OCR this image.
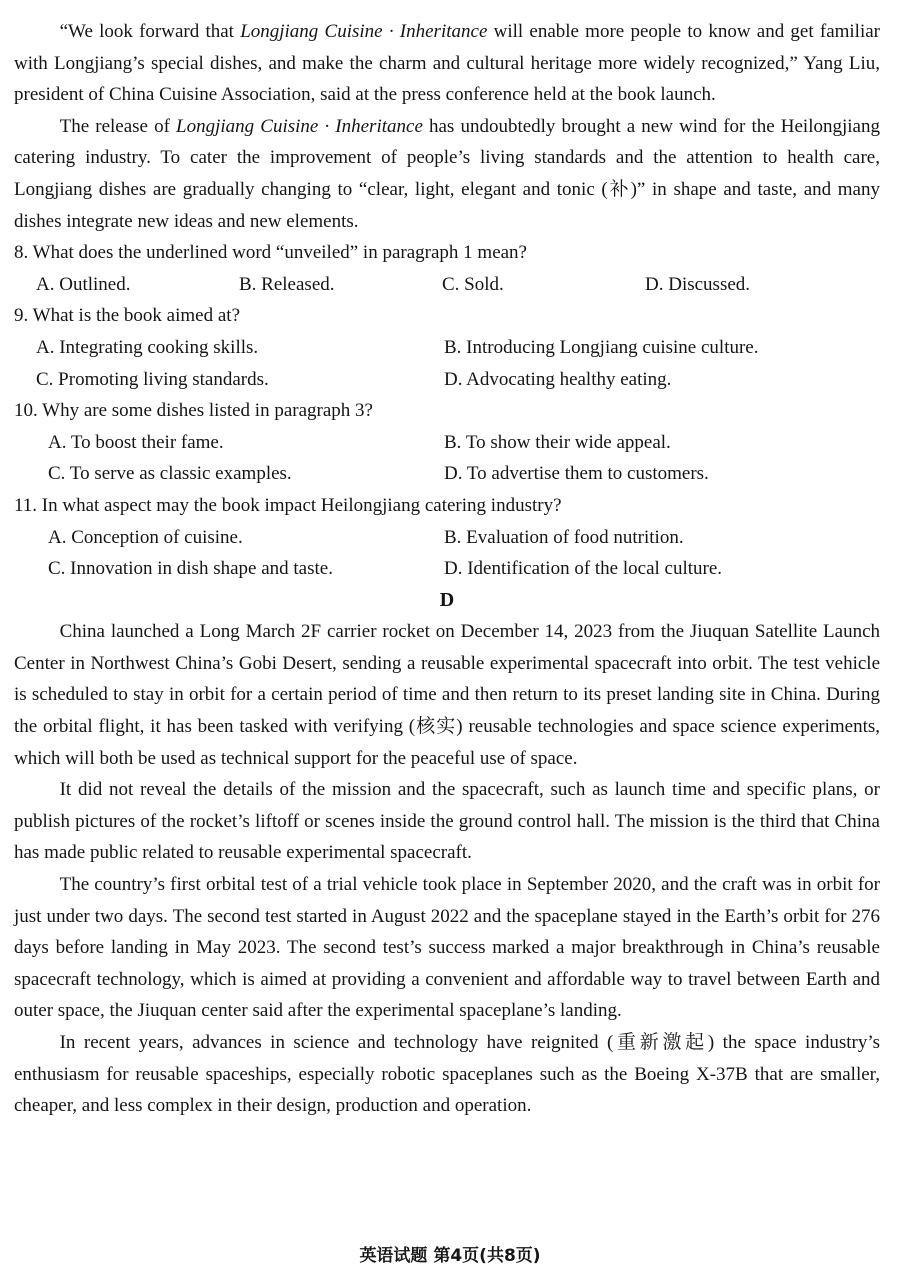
“We look forward that Longjiang Cuisine · Inheritance will enable more people to know and get familiar with Longjiang’s special dishes, and make the charm and cultural heritage more widely recognized,” Yang Liu, president of China Cuisine Association, said at the press conference held at the book launch.

The release of Longjiang Cuisine · Inheritance has undoubtedly brought a new wind for the Heilongjiang catering industry. To cater the improvement of people’s living standards and the attention to health care, Longjiang dishes are gradually changing to “clear, light, elegant and tonic (补)” in shape and taste, and many dishes integrate new ideas and new elements.

8. What does the underlined word “unveiled” in paragraph 1 mean?

A. Outlined.	B. Released.	C. Sold.	D. Discussed.

9. What is the book aimed at?

A. Integrating cooking skills.	B. Introducing Longjiang cuisine culture.
C. Promoting living standards.	D. Advocating healthy eating.

10. Why are some dishes listed in paragraph 3?

A. To boost their fame.	B. To show their wide appeal.
C. To serve as classic examples.	D. To advertise them to customers.

11. In what aspect may the book impact Heilongjiang catering industry?

A. Conception of cuisine.	B. Evaluation of food nutrition.
C. Innovation in dish shape and taste.	D. Identification of the local culture.

D

China launched a Long March 2F carrier rocket on December 14, 2023 from the Jiuquan Satellite Launch Center in Northwest China’s Gobi Desert, sending a reusable experimental spacecraft into orbit. The test vehicle is scheduled to stay in orbit for a certain period of time and then return to its preset landing site in China. During the orbital flight, it has been tasked with verifying (核实) reusable technologies and space science experiments, which will both be used as technical support for the peaceful use of space.

It did not reveal the details of the mission and the spacecraft, such as launch time and specific plans, or publish pictures of the rocket’s liftoff or scenes inside the ground control hall. The mission is the third that China has made public related to reusable experimental spacecraft.

The country’s first orbital test of a trial vehicle took place in September 2020, and the craft was in orbit for just under two days. The second test started in August 2022 and the spaceplane stayed in the Earth’s orbit for 276 days before landing in May 2023. The second test’s success marked a major breakthrough in China’s reusable spacecraft technology, which is aimed at providing a convenient and affordable way to travel between Earth and outer space, the Jiuquan center said after the experimental spaceplane’s landing.

In recent years, advances in science and technology have reignited (重新激起) the space industry’s enthusiasm for reusable spaceships, especially robotic spaceplanes such as the Boeing X-37B that are smaller, cheaper, and less complex in their design, production and operation.

英语试题 第4页(共8页)
